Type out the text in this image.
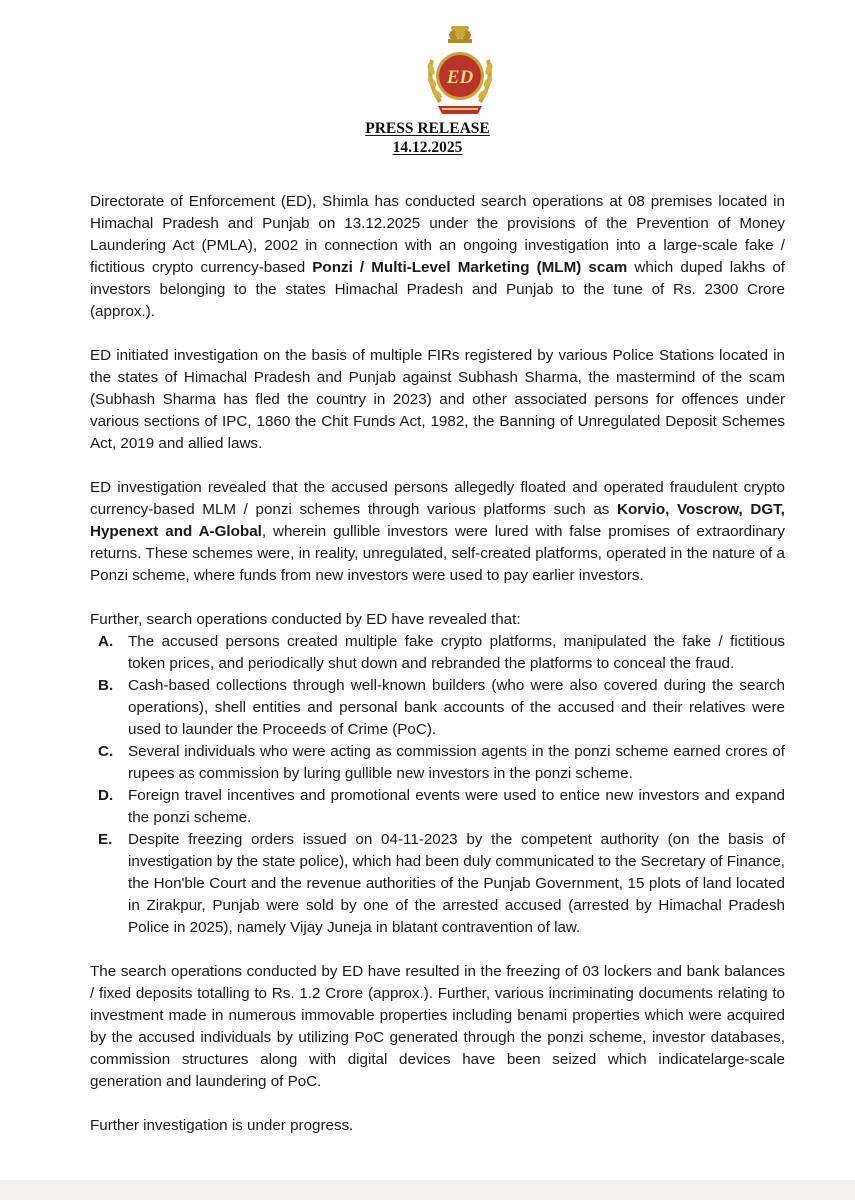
ED
PRESS RELEASE
14.12.2025

Directorate of Enforcement (ED), Shimla has conducted search operations at 08 premises located in Himachal Pradesh and Punjab on 13.12.2025 under the provisions of the Prevention of Money Laundering Act (PMLA), 2002 in connection with an ongoing investigation into a large-scale fake / fictitious crypto currency-based Ponzi / Multi-Level Marketing (MLM) scam which duped lakhs of investors belonging to the states Himachal Pradesh and Punjab to the tune of Rs. 2300 Crore (approx.).

ED initiated investigation on the basis of multiple FIRs registered by various Police Stations located in the states of Himachal Pradesh and Punjab against Subhash Sharma, the mastermind of the scam (Subhash Sharma has fled the country in 2023) and other associated persons for offences under various sections of IPC, 1860 the Chit Funds Act, 1982, the Banning of Unregulated Deposit Schemes Act, 2019 and allied laws.

ED investigation revealed that the accused persons allegedly floated and operated fraudulent crypto currency-based MLM / ponzi schemes through various platforms such as Korvio, Voscrow, DGT, Hypenext and A-Global, wherein gullible investors were lured with false promises of extraordinary returns. These schemes were, in reality, unregulated, self-created platforms, operated in the nature of a Ponzi scheme, where funds from new investors were used to pay earlier investors.

Further, search operations conducted by ED have revealed that:

A. The accused persons created multiple fake crypto platforms, manipulated the fake / fictitious token prices, and periodically shut down and rebranded the platforms to conceal the fraud.
B. Cash-based collections through well-known builders (who were also covered during the search operations), shell entities and personal bank accounts of the accused and their relatives were used to launder the Proceeds of Crime (PoC).
C. Several individuals who were acting as commission agents in the ponzi scheme earned crores of rupees as commission by luring gullible new investors in the ponzi scheme.
D. Foreign travel incentives and promotional events were used to entice new investors and expand the ponzi scheme.
E.	Despite freezing orders issued on 04-11-2023 by the competent authority (on the basis of investigation by the state police), which had been duly communicated to the Secretary of Finance, the Hon'ble Court and the revenue authorities of the Punjab Government, 15 plots of land located in Zirakpur, Punjab were sold by one of the arrested accused (arrested by Himachal Pradesh Police in 2025), namely Vijay Juneja in blatant contravention of law.

The search operations conducted by ED have resulted in the freezing of 03 lockers and bank balances / fixed deposits totalling to Rs. 1.2 Crore (approx.). Further, various incriminating documents relating to investment made in numerous immovable properties including benami properties which were acquired by the accused individuals by utilizing PoC generated through the ponzi scheme, investor databases, commission structures along with digital devices have been seized which indicatelarge-scale generation and laundering of PoC.

Further investigation is under progress.
